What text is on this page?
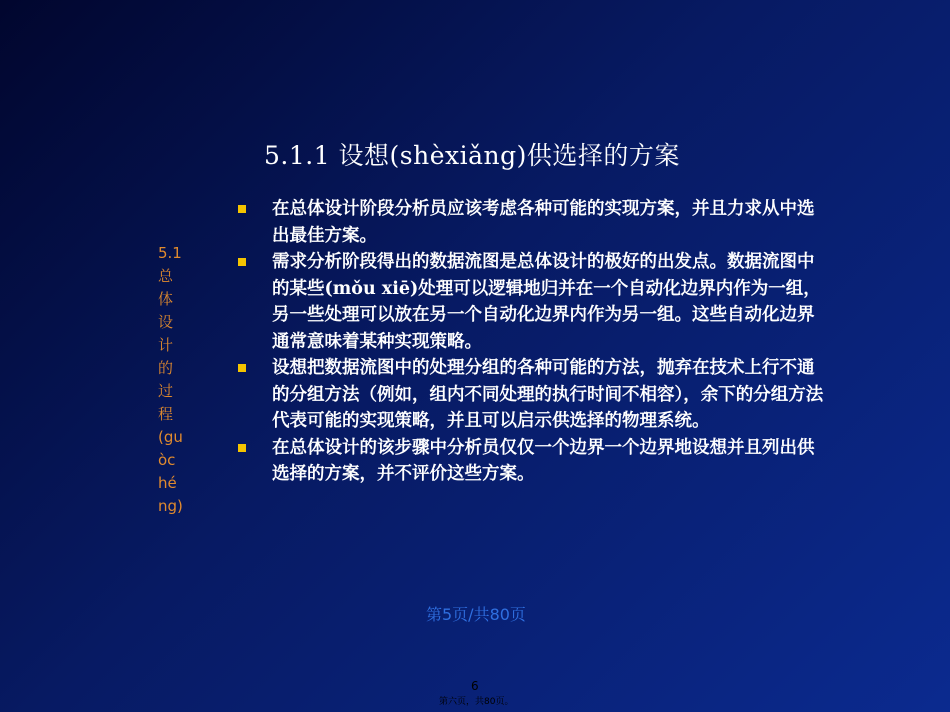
5.1.1 设想(shèxiǎng)供选择的方案
5.1总体设计的过程(guòchéng)
在总体设计阶段分析员应该考虑各种可能的实现方案，并且力求从中选出最佳方案。
需求分析阶段得出的数据流图是总体设计的极好的出发点。数据流图中的某些(mǒu xiē)处理可以逻辑地归并在一个自动化边界内作为一组，另一些处理可以放在另一个自动化边界内作为另一组。这些自动化边界通常意味着某种实现策略。
设想把数据流图中的处理分组的各种可能的方法，抛弃在技术上行不通的分组方法（例如，组内不同处理的执行时间不相容），余下的分组方法代表可能的实现策略，并且可以启示供选择的物理系统。
在总体设计的该步骤中分析员仅仅一个边界一个边界地设想并且列出供选择的方案，并不评价这些方案。
第5页/共80页
6
第六页，共80页。
